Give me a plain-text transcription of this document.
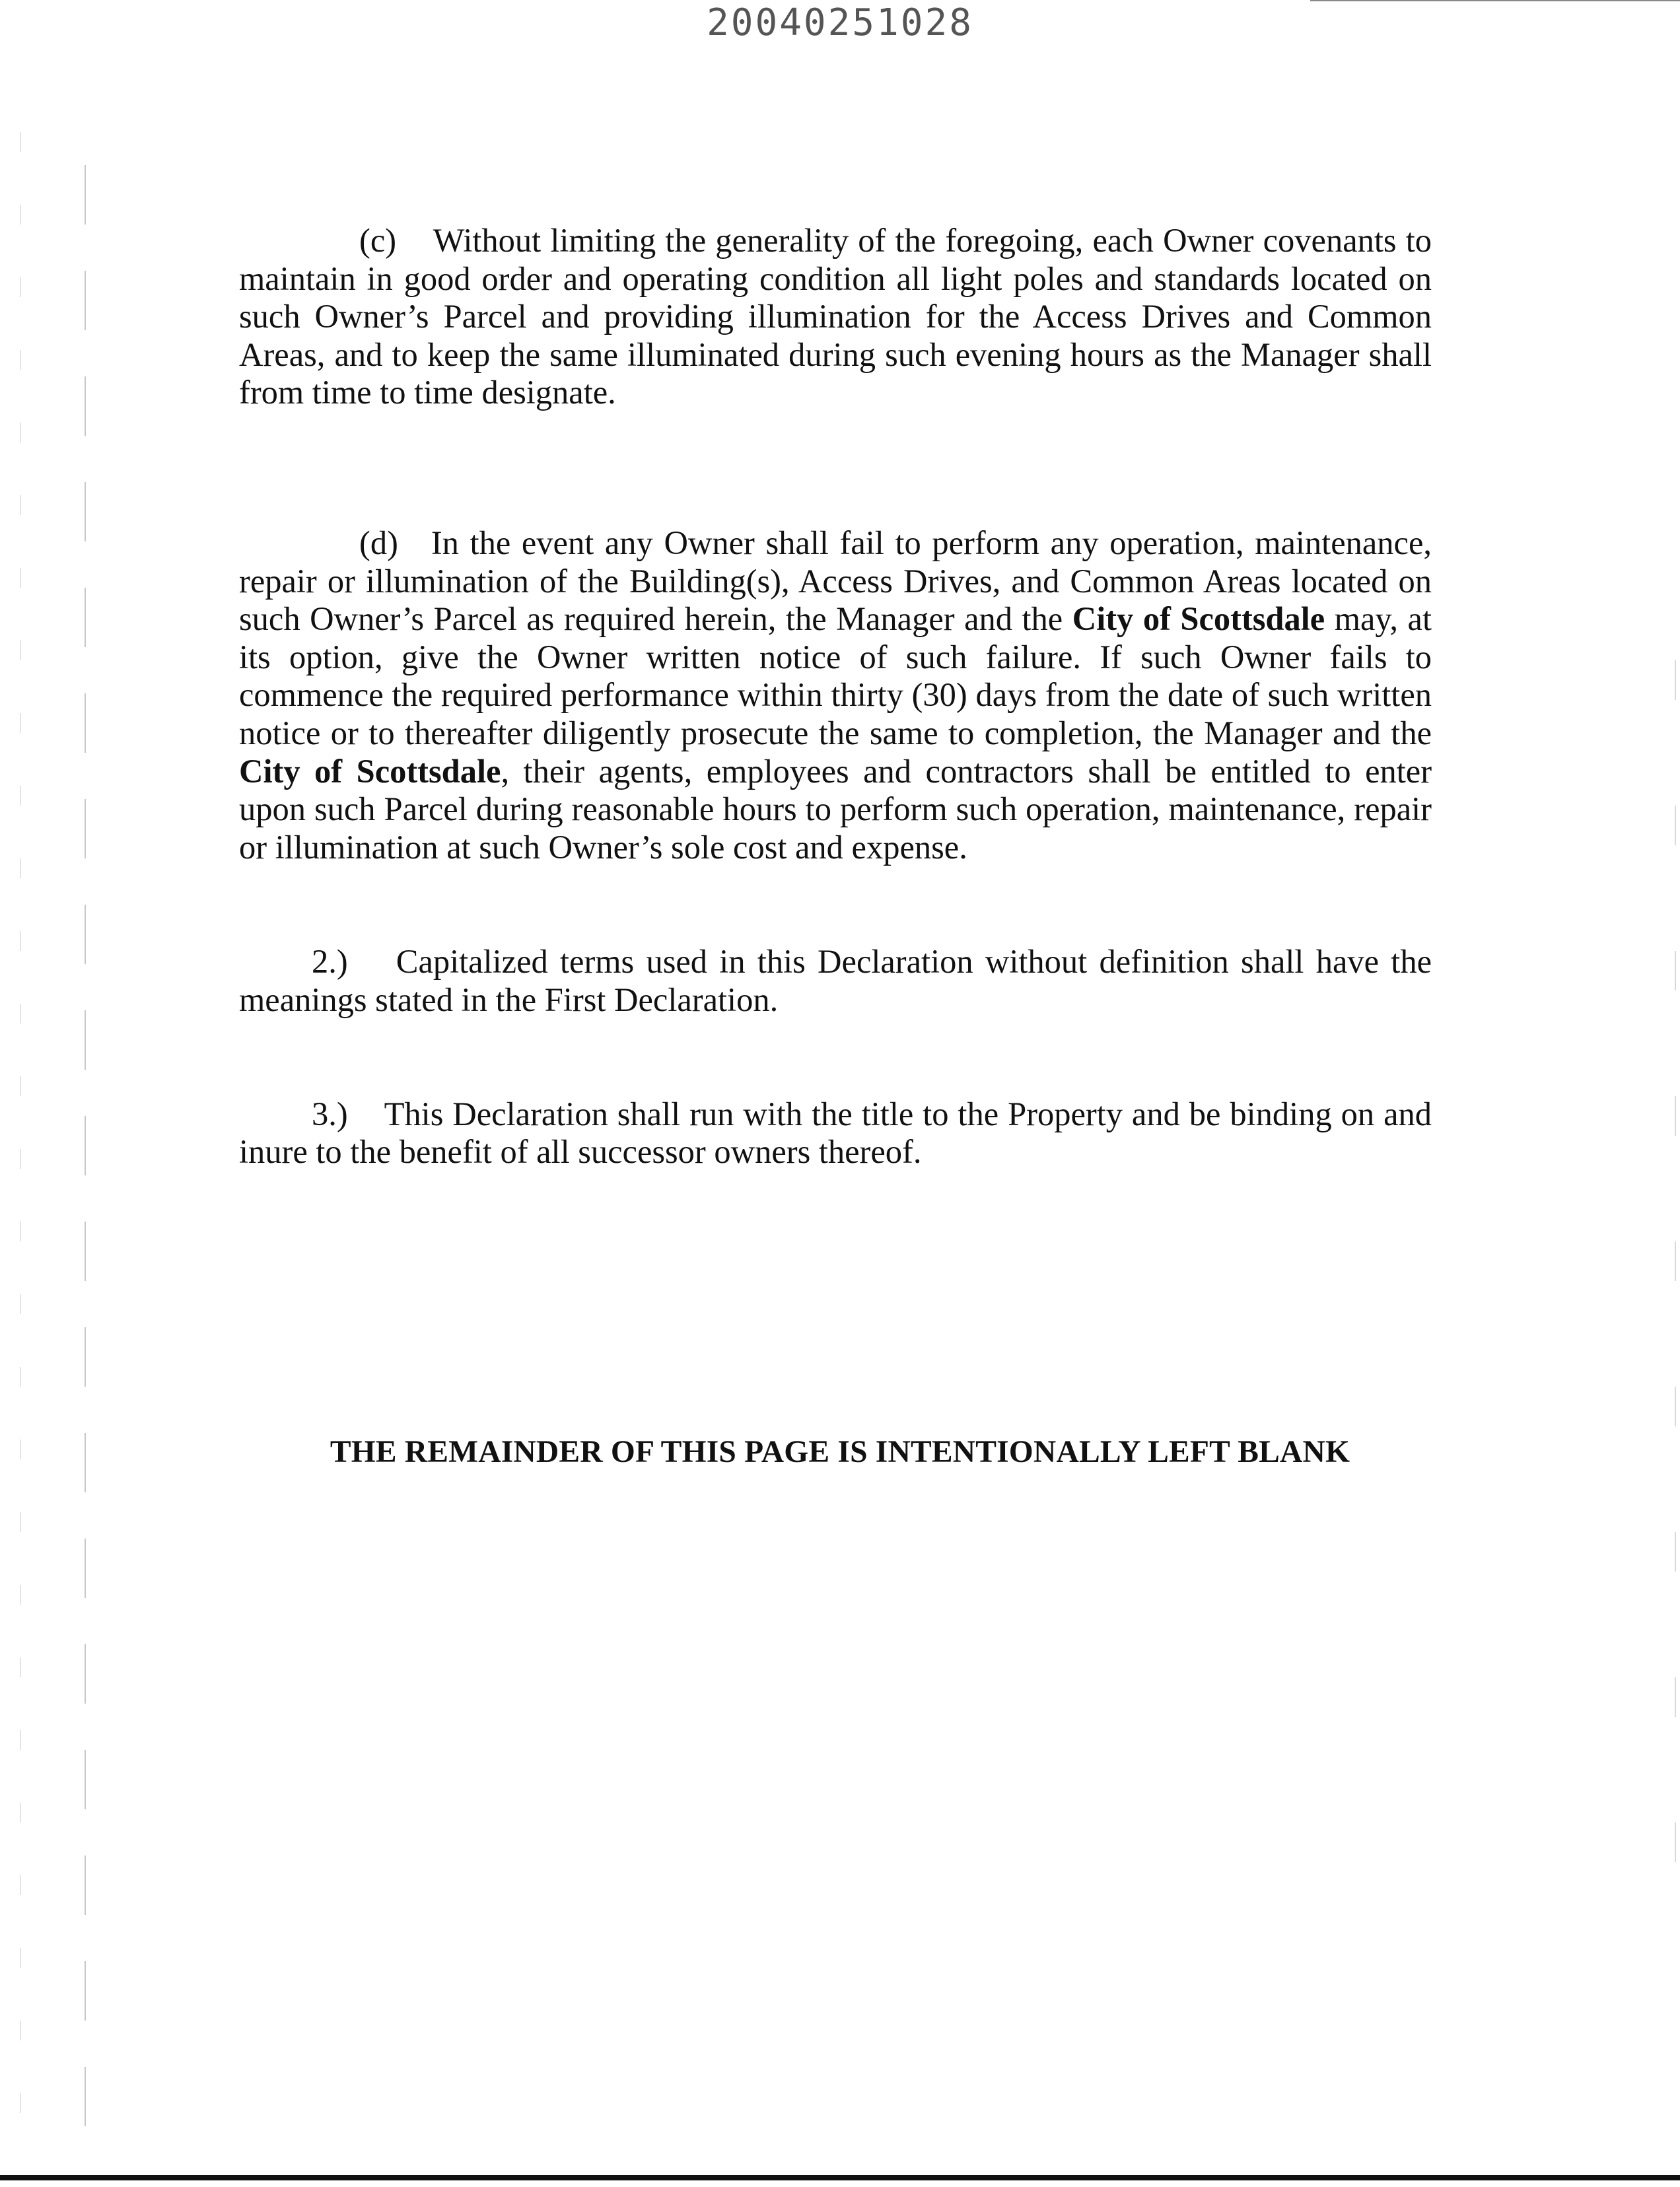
20040251028

(c) Without limiting the generality of the foregoing, each Owner covenants to maintain in good order and operating condition all light poles and standards located on such Owner’s Parcel and providing illumination for the Access Drives and Common Areas, and to keep the same illuminated during such evening hours as the Manager shall from time to time designate.

(d) In the event any Owner shall fail to perform any operation, maintenance, repair or illumination of the Building(s), Access Drives, and Common Areas located on such Owner’s Parcel as required herein, the Manager and the City of Scottsdale may, at its option, give the Owner written notice of such failure. If such Owner fails to commence the required performance within thirty (30) days from the date of such written notice or to thereafter diligently prosecute the same to completion, the Manager and the City of Scottsdale, their agents, employees and contractors shall be entitled to enter upon such Parcel during reasonable hours to perform such operation, maintenance, repair or illumination at such Owner’s sole cost and expense.

2.) Capitalized terms used in this Declaration without definition shall have the meanings stated in the First Declaration.

3.) This Declaration shall run with the title to the Property and be binding on and inure to the benefit of all successor owners thereof.

THE REMAINDER OF THIS PAGE IS INTENTIONALLY LEFT BLANK
